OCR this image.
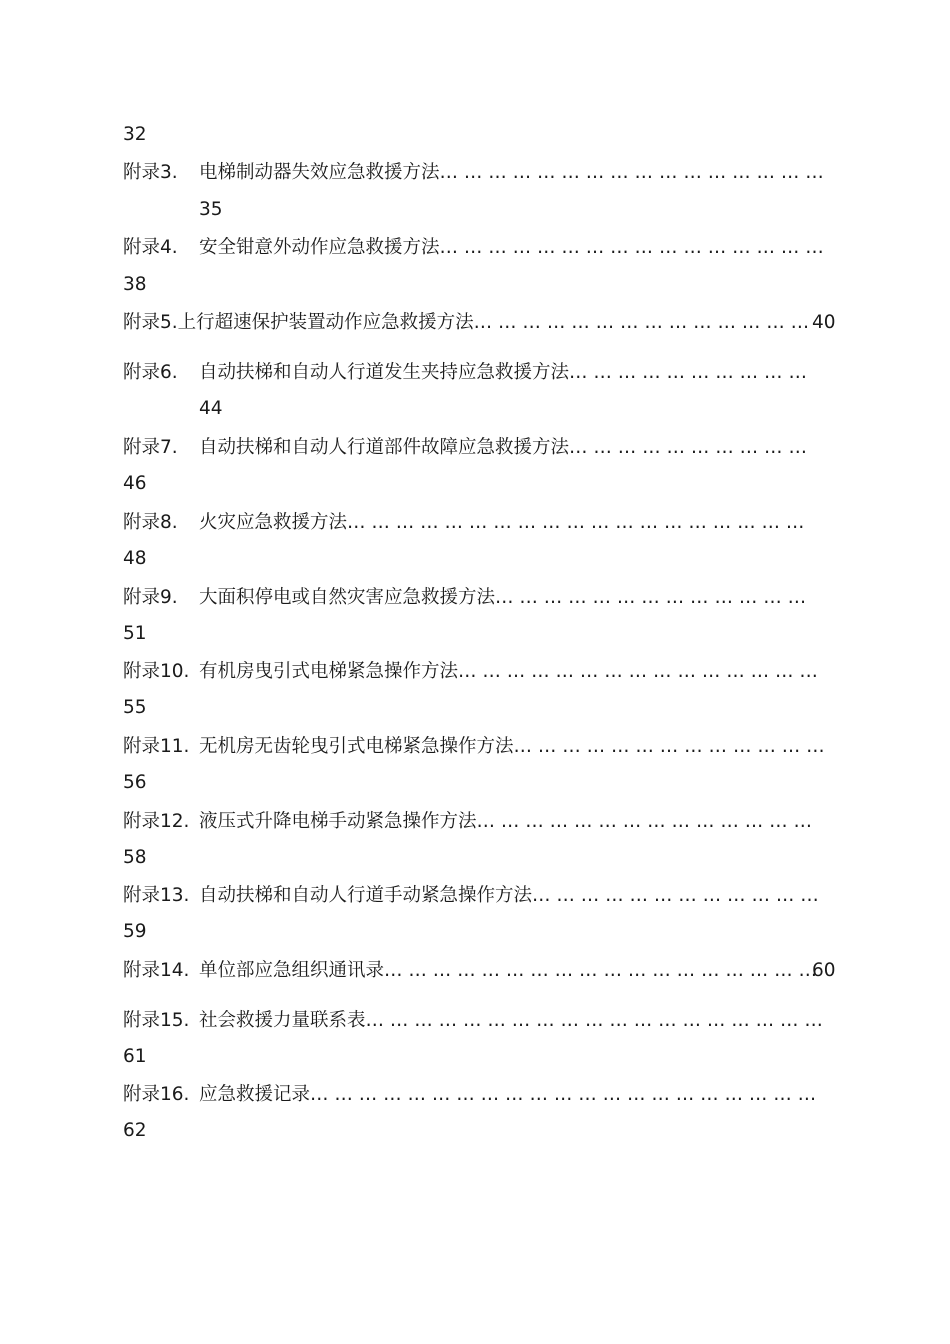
32
附录3. 电梯制动器失效应急救援方法… … … … … … … … … … … … … … … …
35
附录4. 安全钳意外动作应急救援方法… … … … … … … … … … … … … … … …
38
附录5.上行超速保护装置动作应急救援方法… … … … … … … … … … … … … … 40
附录6. 自动扶梯和自动人行道发生夹持应急救援方法… … … … … … … … … …
44
附录7. 自动扶梯和自动人行道部件故障应急救援方法… … … … … … … … … …
46
附录8. 火灾应急救援方法… … … … … … … … … … … … … … … … … … …
48
附录9. 大面积停电或自然灾害应急救援方法… … … … … … … … … … … … …
51
附录10. 有机房曳引式电梯紧急操作方法… … … … … … … … … … … … … … …
55
附录11. 无机房无齿轮曳引式电梯紧急操作方法… … … … … … … … … … … … …
56
附录12. 液压式升降电梯手动紧急操作方法… … … … … … … … … … … … … …
58
附录13. 自动扶梯和自动人行道手动紧急操作方法… … … … … … … … … … … …
59
附录14. 单位部应急组织通讯录… … … … … … … … … … … … … … … … … …
60
附录15. 社会救援力量联系表… … … … … … … … … … … … … … … … … … …
61
附录16. 应急救援记录… … … … … … … … … … … … … … … … … … … … …
62
